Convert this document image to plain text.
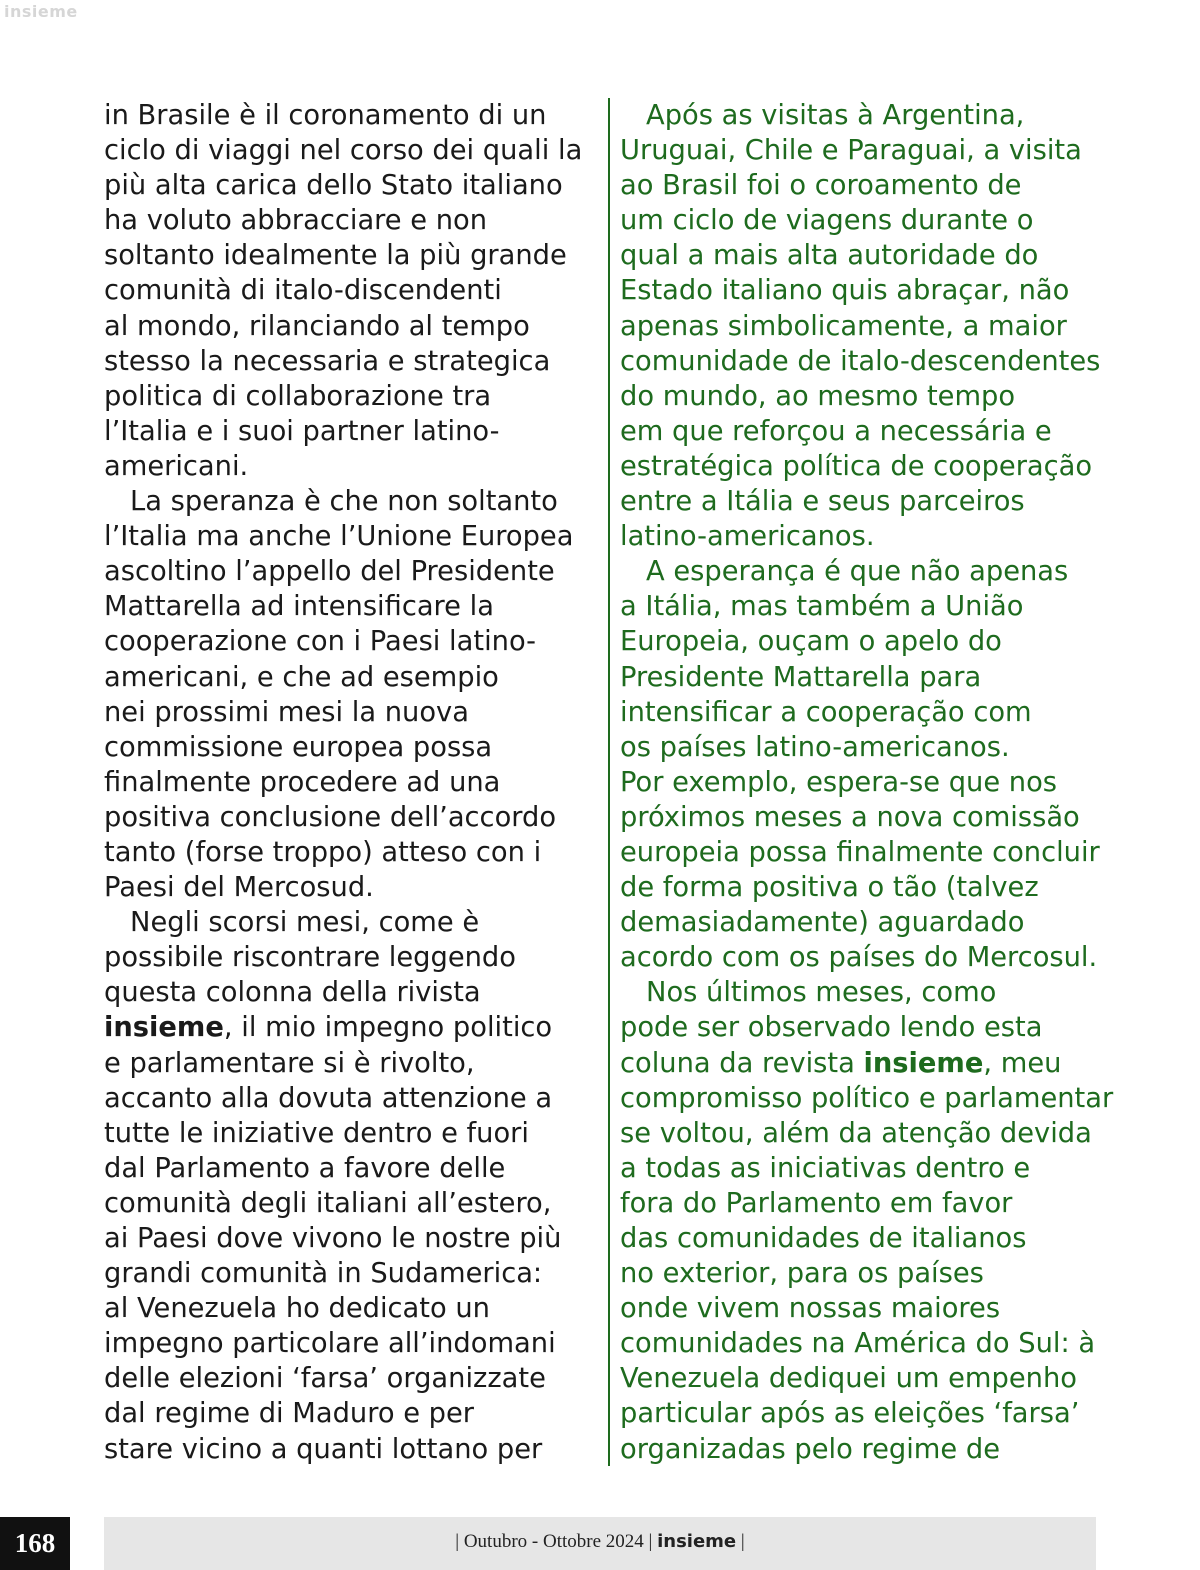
insieme
in Brasile è il coronamento di un
ciclo di viaggi nel corso dei quali la
più alta carica dello Stato italiano
ha voluto abbracciare e non
soltanto idealmente la più grande
comunità di italo-discendenti
al mondo, rilanciando al tempo
stesso la necessaria e strategica
politica di collaborazione tra
l’Italia e i suoi partner latino-
americani.
La speranza è che non soltanto
l’Italia ma anche l’Unione Europea
ascoltino l’appello del Presidente
Mattarella ad intensificare la
cooperazione con i Paesi latino-
americani, e che ad esempio
nei prossimi mesi la nuova
commissione europea possa
finalmente procedere ad una
positiva conclusione dell’accordo
tanto (forse troppo) atteso con i
Paesi del Mercosud.
Negli scorsi mesi, come è
possibile riscontrare leggendo
questa colonna della rivista
insieme, il mio impegno politico
e parlamentare si è rivolto,
accanto alla dovuta attenzione a
tutte le iniziative dentro e fuori
dal Parlamento a favore delle
comunità degli italiani all’estero,
ai Paesi dove vivono le nostre più
grandi comunità in Sudamerica:
al Venezuela ho dedicato un
impegno particolare all’indomani
delle elezioni ‘farsa’ organizzate
dal regime di Maduro e per
stare vicino a quanti lottano per
Após as visitas à Argentina,
Uruguai, Chile e Paraguai, a visita
ao Brasil foi o coroamento de
um ciclo de viagens durante o
qual a mais alta autoridade do
Estado italiano quis abraçar, não
apenas simbolicamente, a maior
comunidade de italo-descendentes
do mundo, ao mesmo tempo
em que reforçou a necessária e
estratégica política de cooperação
entre a Itália e seus parceiros
latino-americanos.
A esperança é que não apenas
a Itália, mas também a União
Europeia, ouçam o apelo do
Presidente Mattarella para
intensificar a cooperação com
os países latino-americanos.
Por exemplo, espera-se que nos
próximos meses a nova comissão
europeia possa finalmente concluir
de forma positiva o tão (talvez
demasiadamente) aguardado
acordo com os países do Mercosul.
Nos últimos meses, como
pode ser observado lendo esta
coluna da revista insieme, meu
compromisso político e parlamentar
se voltou, além da atenção devida
a todas as iniciativas dentro e
fora do Parlamento em favor
das comunidades de italianos
no exterior, para os países
onde vivem nossas maiores
comunidades na América do Sul: à
Venezuela dediquei um empenho
particular após as eleições ‘farsa’
organizadas pelo regime de
168	| Outubro - Ottobre 2024 | insieme |
